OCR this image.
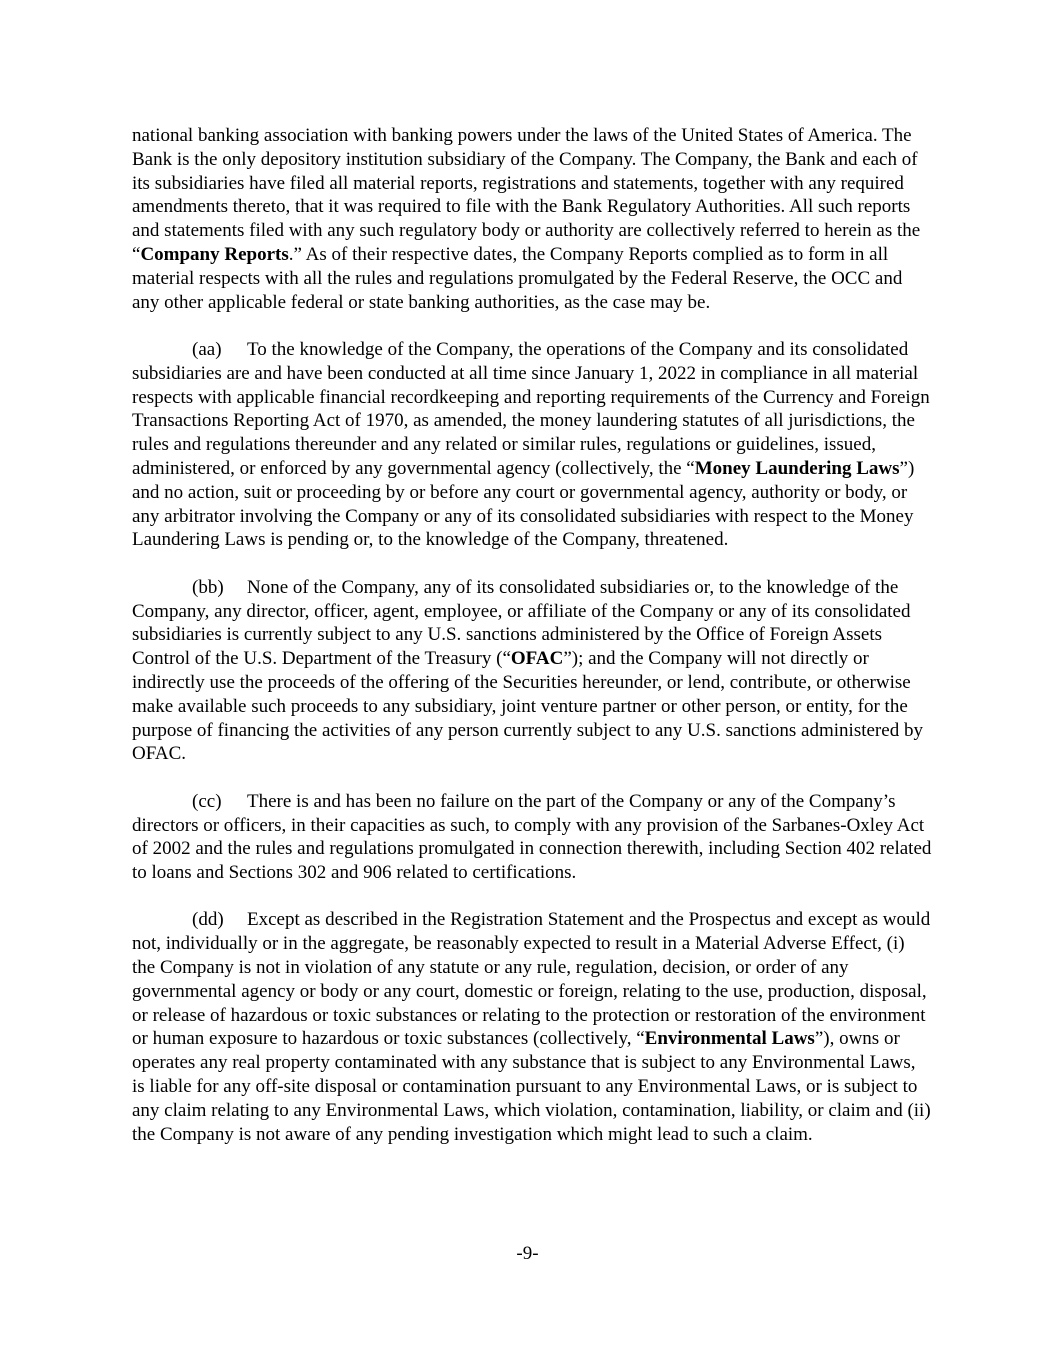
national banking association with banking powers under the laws of the United States of America. The Bank is the only depository institution subsidiary of the Company. The Company, the Bank and each of its subsidiaries have filed all material reports, registrations and statements, together with any required amendments thereto, that it was required to file with the Bank Regulatory Authorities. All such reports and statements filed with any such regulatory body or authority are collectively referred to herein as the “Company Reports.” As of their respective dates, the Company Reports complied as to form in all material respects with all the rules and regulations promulgated by the Federal Reserve, the OCC and any other applicable federal or state banking authorities, as the case may be.

(aa) To the knowledge of the Company, the operations of the Company and its consolidated subsidiaries are and have been conducted at all time since January 1, 2022 in compliance in all material respects with applicable financial recordkeeping and reporting requirements of the Currency and Foreign Transactions Reporting Act of 1970, as amended, the money laundering statutes of all jurisdictions, the rules and regulations thereunder and any related or similar rules, regulations or guidelines, issued, administered, or enforced by any governmental agency (collectively, the “Money Laundering Laws”) and no action, suit or proceeding by or before any court or governmental agency, authority or body, or any arbitrator involving the Company or any of its consolidated subsidiaries with respect to the Money Laundering Laws is pending or, to the knowledge of the Company, threatened.

(bb) None of the Company, any of its consolidated subsidiaries or, to the knowledge of the Company, any director, officer, agent, employee, or affiliate of the Company or any of its consolidated subsidiaries is currently subject to any U.S. sanctions administered by the Office of Foreign Assets Control of the U.S. Department of the Treasury (“OFAC”); and the Company will not directly or indirectly use the proceeds of the offering of the Securities hereunder, or lend, contribute, or otherwise make available such proceeds to any subsidiary, joint venture partner or other person, or entity, for the purpose of financing the activities of any person currently subject to any U.S. sanctions administered by OFAC.

(cc) There is and has been no failure on the part of the Company or any of the Company’s directors or officers, in their capacities as such, to comply with any provision of the Sarbanes-Oxley Act of 2002 and the rules and regulations promulgated in connection therewith, including Section 402 related to loans and Sections 302 and 906 related to certifications.

(dd) Except as described in the Registration Statement and the Prospectus and except as would not, individually or in the aggregate, be reasonably expected to result in a Material Adverse Effect, (i) the Company is not in violation of any statute or any rule, regulation, decision, or order of any governmental agency or body or any court, domestic or foreign, relating to the use, production, disposal, or release of hazardous or toxic substances or relating to the protection or restoration of the environment or human exposure to hazardous or toxic substances (collectively, “Environmental Laws”), owns or operates any real property contaminated with any substance that is subject to any Environmental Laws, is liable for any off-site disposal or contamination pursuant to any Environmental Laws, or is subject to any claim relating to any Environmental Laws, which violation, contamination, liability, or claim and (ii) the Company is not aware of any pending investigation which might lead to such a claim.

-9-
